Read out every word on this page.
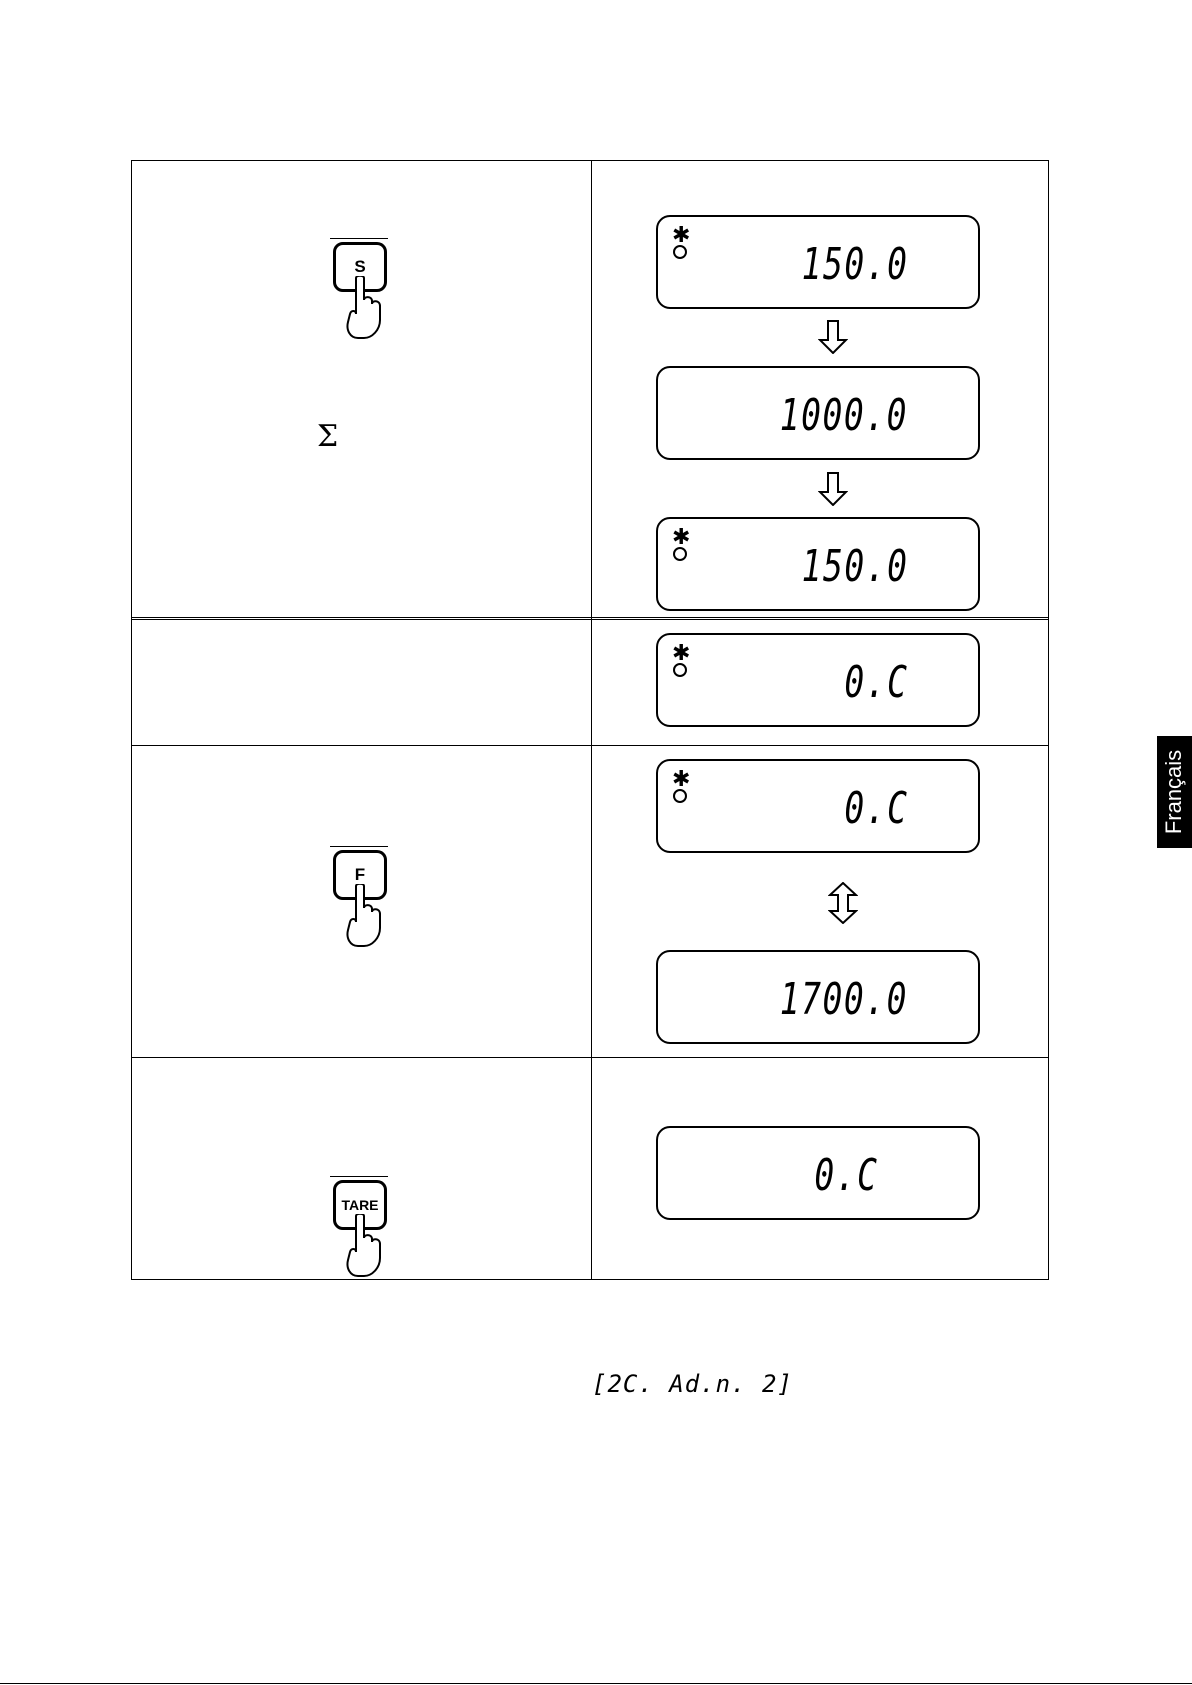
S
Σ
✱
150.0
1000.0
✱
150.0
✱
0.C
F
✱
0.C
1700.0
TARE
0.C
[2C. Ad.n. 2]
Français
